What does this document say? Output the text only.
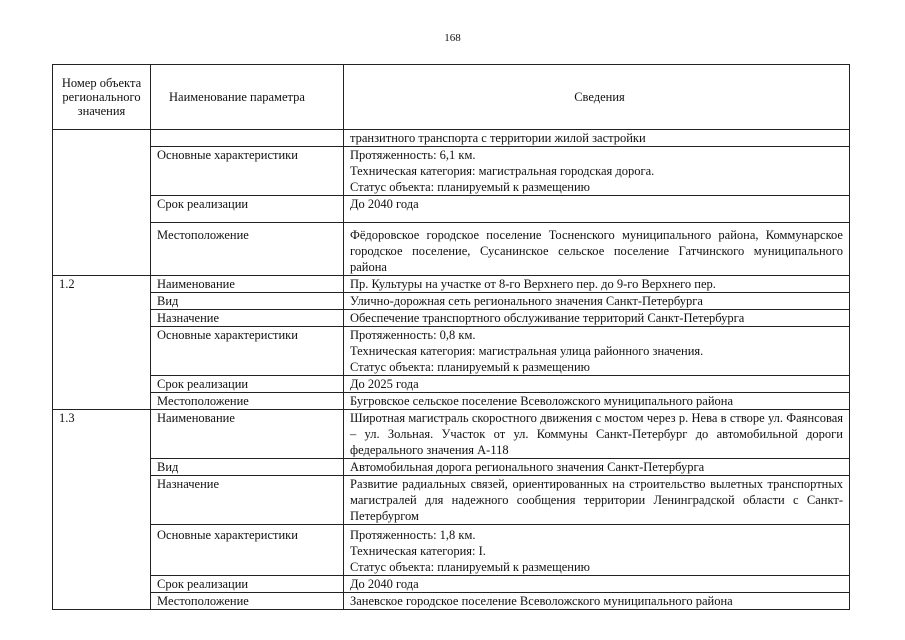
168
Номер объекта регионального значения	Наименование параметра	Сведения

		транзитного транспорта с территории жилой застройки

	Основные характеристики	Протяженность: 6,1 км.
Техническая категория: магистральная городская дорога.
Статус объекта: планируемый к размещению

	Срок реализации	До 2040 года

	Местоположение	Фёдоровское городское поселение Тосненского муниципального района, Коммунарское городское поселение, Сусанинское сельское поселение Гатчинского муниципального района
1.2	Наименование	Пр. Культуры на участке от 8-го Верхнего пер. до 9-го Верхнего пер.

	Вид	Улично-дорожная сеть регионального значения Санкт-Петербурга

	Назначение	Обеспечение транспортного обслуживание территорий Санкт-Петербурга

	Основные характеристики	Протяженность: 0,8 км.
Техническая категория: магистральная улица районного значения.
Статус объекта: планируемый к размещению

	Срок реализации	До 2025 года

	Местоположение	Бугровское сельское поселение Всеволожского муниципального района

1.3	Наименование	Широтная магистраль скоростного движения с мостом через р. Нева в створе ул. Фаянсовая – ул. Зольная. Участок от ул. Коммуны Санкт-Петербург до автомобильной дороги федерального значения А-118
	Вид	Автомобильная дорога регионального значения Санкт-Петербурга

	Назначение	Развитие радиальных связей, ориентированных на строительство вылетных транспортных магистралей для надежного сообщения территории Ленинградской области с Санкт-Петербургом
	Основные характеристики	Протяженность: 1,8 км.
Техническая категория: I.
Статус объекта: планируемый к размещению

	Срок реализации	До 2040 года

	Местоположение	Заневское городское поселение Всеволожского муниципального района
